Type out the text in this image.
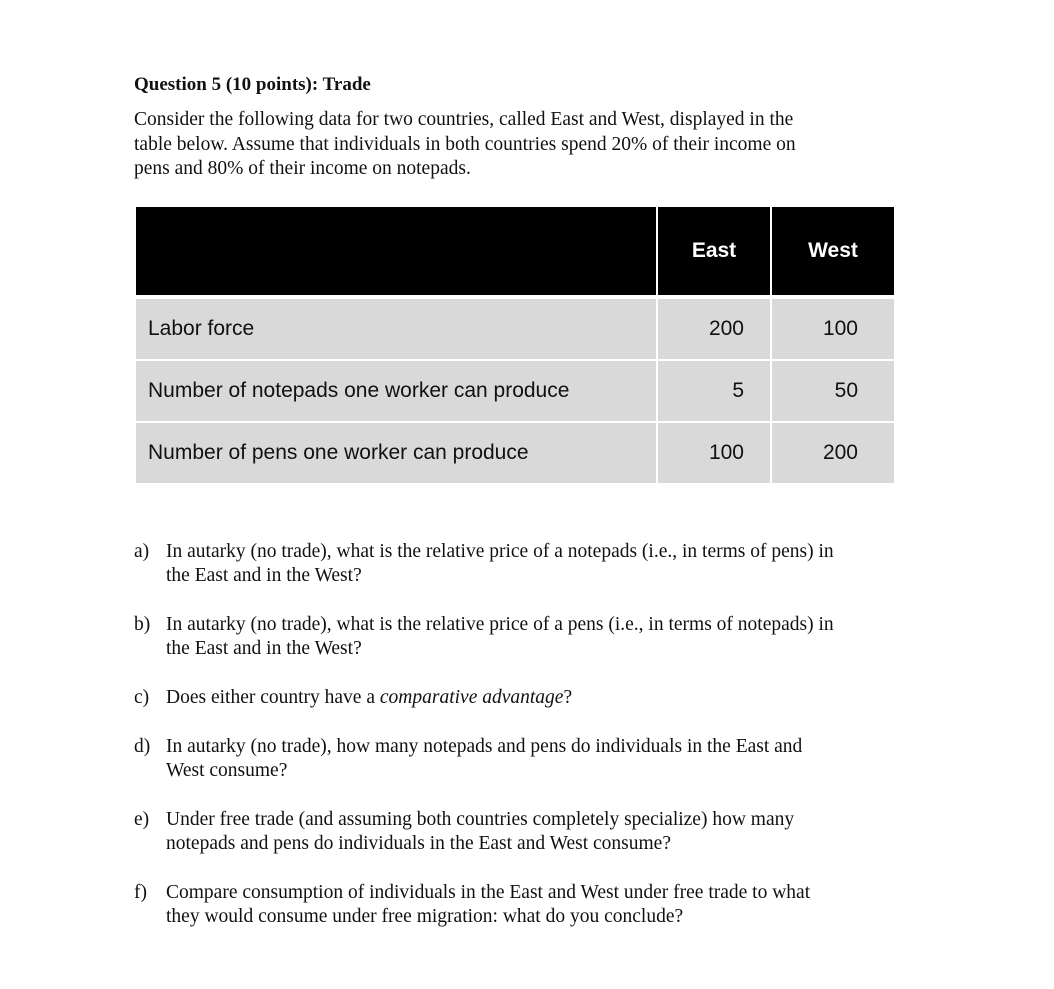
Question 5 (10 points): Trade

Consider the following data for two countries, called East and West, displayed in the
table below. Assume that individuals in both countries spend 20% of their income on
pens and 80% of their income on notepads.

	East	West
Labor force	200	100
Number of notepads one worker can produce	5	50
Number of pens one worker can produce	100	200
a) In autarky (no trade), what is the relative price of a notepads (i.e., in terms of pens) in
the East and in the West?
b) In autarky (no trade), what is the relative price of a pens (i.e., in terms of notepads) in
the East and in the West?
c) Does either country have a comparative advantage?
d) In autarky (no trade), how many notepads and pens do individuals in the East and
West consume?
e) Under free trade (and assuming both countries completely specialize) how many
notepads and pens do individuals in the East and West consume?
f) Compare consumption of individuals in the East and West under free trade to what
they would consume under free migration: what do you conclude?
